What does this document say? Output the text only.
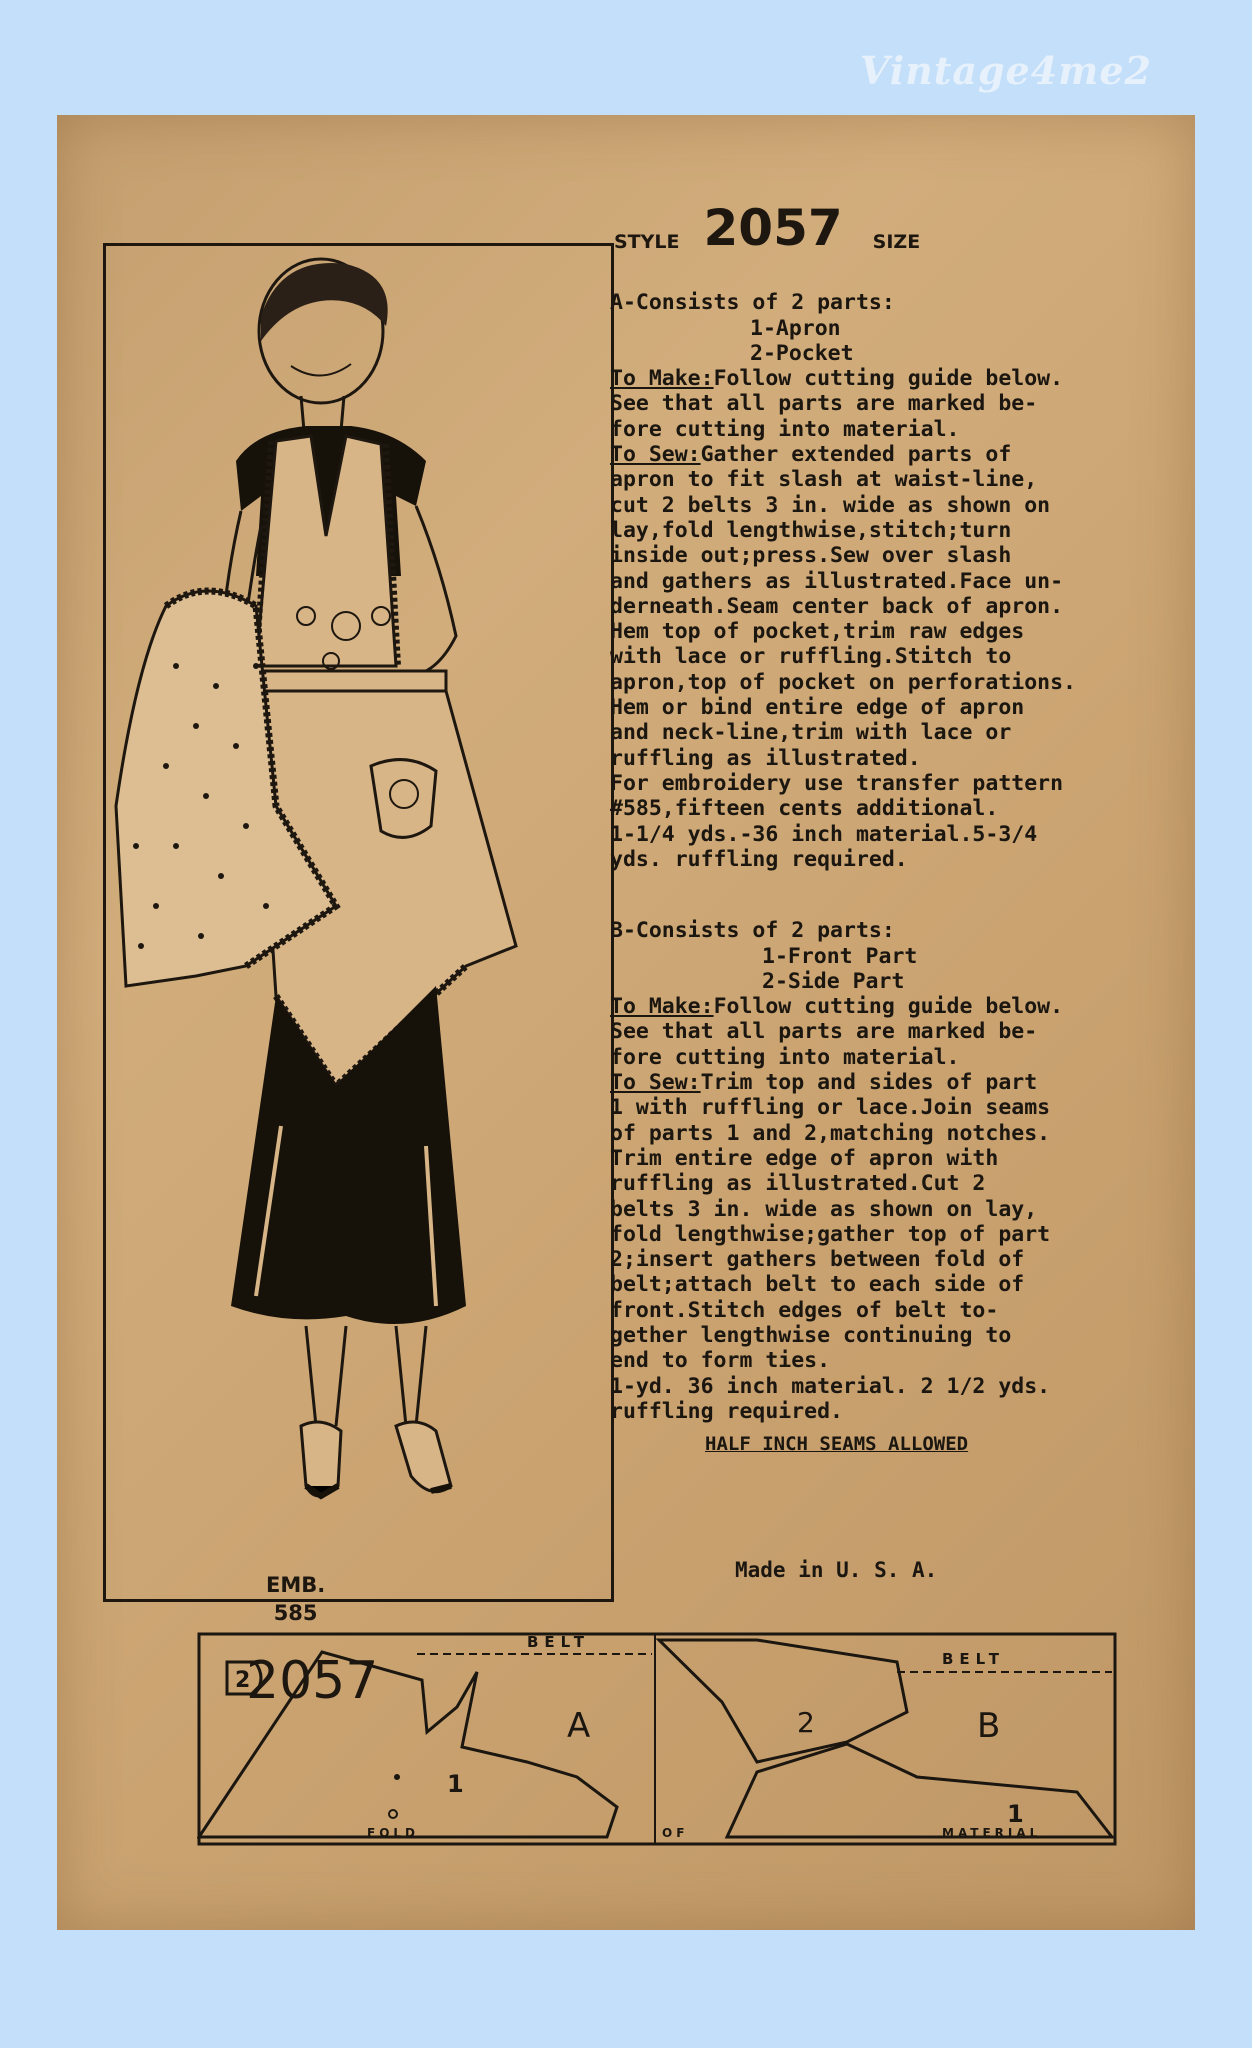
Vintage4me2
EMB.
585
2057
STYLE 2057 SIZE

A-Consists of 2 parts:
1-Apron
2-Pocket
To Make:Follow cutting guide below.
See that all parts are marked be-
fore cutting into material.
To Sew:Gather extended parts of
apron to fit slash at waist-line,
cut 2 belts 3 in. wide as shown on
lay,fold lengthwise,stitch;turn
inside out;press.Sew over slash
and gathers as illustrated.Face un-
derneath.Seam center back of apron.
Hem top of pocket,trim raw edges
with lace or ruffling.Stitch to
apron,top of pocket on perforations.
Hem or bind entire edge of apron
and neck-line,trim with lace or
ruffling as illustrated.
For embroidery use transfer pattern
#585,fifteen cents additional.
1-1/4 yds.-36 inch material.5-3/4
yds. ruffling required.

B-Consists of 2 parts:
1-Front Part
2-Side Part
To Make:Follow cutting guide below.
See that all parts are marked be-
fore cutting into material.
To Sew:Trim top and sides of part
1 with ruffling or lace.Join seams
of parts 1 and 2,matching notches.
Trim entire edge of apron with
ruffling as illustrated.Cut 2
belts 3 in. wide as shown on lay,
fold lengthwise;gather top of part
2;insert gathers between fold of
belt;attach belt to each side of
front.Stitch edges of belt to-
gether lengthwise continuing to
end to form ties.
1-yd. 36 inch material. 2 1/2 yds.
ruffling required.

HALF INCH SEAMS ALLOWED
Made in U. S. A.
2
BELT
A
1
FOLD
BELT
2	B
1
OF	MATERIAL
